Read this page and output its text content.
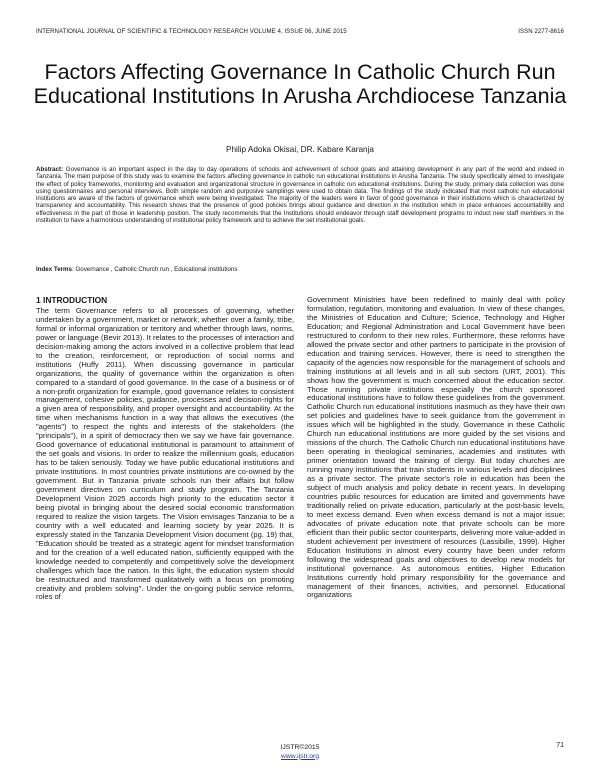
INTERNATIONAL JOURNAL OF SCIENTIFIC & TECHNOLOGY RESEARCH VOLUME 4, ISSUE 06, JUNE 2015	ISSN 2277-8616
Factors Affecting Governance In Catholic Church Run Educational Institutions In Arusha Archdiocese Tanzania
Philip Adoka Okisai, DR. Kabare Karanja

Abstract: Governance is an important aspect in the day to day operations of schools and achievement of school goals and attaining development in any part of the world and indeed in Tanzania. The main purpose of this study was to examine the factors affecting governance in catholic run educational institutions in Arusha Tanzania. The study specifically aimed to investigate the effect of policy frameworks, monitoring and evaluation and organizational structure in governance in catholic run educational institutions. During the study, primary data collection was done using questionnaires and personal interviews. Both simple random and purposive samplings were used to obtain data. The findings of the study indicated that most catholic run educational institutions are aware of the factors of governance which were being investigated. The majority of the leaders were in favor of good governance in their institutions which is characterized by transparency and accountability. This research shows that the presence of good policies brings about guidance and direction in the institution which in place enhances accountability and effectiveness in the part of those in leadership position. The study recommends that the Institutions should endeavor through staff development programs to induct new staff members in the institution to have a harmonious understanding of institutional policy framework and to achieve the set institutional goals.

Index Terms: Governance , Catholic Church run , Educational institutions
1 INTRODUCTION

The term Governance refers to all processes of governing, whether undertaken by a government, market or network, whether over a family, tribe, formal or informal organization or territory and whether through laws, norms, power or language (Bevir 2013). It relates to the processes of interaction and decision-making among the actors involved in a collective problem that lead to the creation, reinforcement, or reproduction of social norms and institutions (Huffy 2011). When discussing governance in particular organizations, the quality of governance within the organization is often compared to a standard of good governance. In the case of a business or of a non-profit organization for example, good governance relates to consistent management, cohesive policies, guidance, processes and decision-rights for a given area of responsibility, and proper oversight and accountability. At the time when mechanisms function in a way that allows the executives (the "agents") to respect the rights and interests of the stakeholders (the "principals"), in a spirit of democracy then we say we have fair governance. Good governance of educational institutional is paramount to attainment of the set goals and visions. In order to realize the millennium goals, education has to be taken seriously. Today we have public educational institutions and private institutions. In most countries private institutions are co-owned by the government. But in Tanzania private schools run their affairs but follow government directives on curriculum and study program. The Tanzania Development Vision 2025 accords high priority to the education sector it being pivotal in bringing about the desired social economic transformation required to realize the vision targets. The Vision envisages Tanzania to be a country with a well educated and learning society by year 2025. It is expressly stated in the Tanzania Development Vision document (pg. 19) that, "Education should be treated as a strategic agent for mindset transformation and for the creation of a well educated nation, sufficiently equipped with the knowledge needed to competently and competitively solve the development challenges which face the nation. In this light, the education system should be restructured and transformed qualitatively with a focus on promoting creativity and problem solving". Under the on-going public service reforms, roles of

Government Ministries have been redefined to mainly deal with policy formulation, regulation, monitoring and evaluation. In view of these changes, the Ministries of Education and Culture; Science, Technology and Higher Education; and Regional Administration and Local Government have been restructured to conform to their new roles. Furthermore, these reforms have allowed the private sector and other partners to participate in the provision of education and training services. However, there is need to strengthen the capacity of the agencies now responsible for the management of schools and training institutions at all levels and in all sub sectors (URT, 2001). This shows how the government is much concerned about the education sector. Those running private institutions especially the church sponsored educational institutions have to follow these guidelines from the government. Catholic Church run educational institutions inasmuch as they have their own set policies and guidelines have to seek guidance from the government in issues which will be highlighted in the study. Governance in these Catholic Church run educational institutions are more guided by the set visions and missions of the church. The Catholic Church run educational institutions have been operating in theological seminaries, academies and institutes with primer orientation toward the training of clergy. But today churches are running many institutions that train students in various levels and disciplines as a private sector. The private sector's role in education has been the subject of much analysis and policy debate in recent years. In developing countries public resources for education are limited and governments have traditionally relied on private education, particularly at the post-basic levels, to meet excess demand. Even when excess demand is not a major issue; advocates of private education note that private schools can be more efficient than their public sector counterparts, delivering more value-added in student achievement per investment of resources (Lassibille, 1999). Higher Education Institutions in almost every country have been under reform following the widespread goals and objectives to develop new models for institutional governance. As autonomous entities, Higher Education Institutions currently hold primary responsibility for the governance and management of their finances, activities, and personnel. Educational organizations

71
IJSTR©2015
www.ijstr.org
